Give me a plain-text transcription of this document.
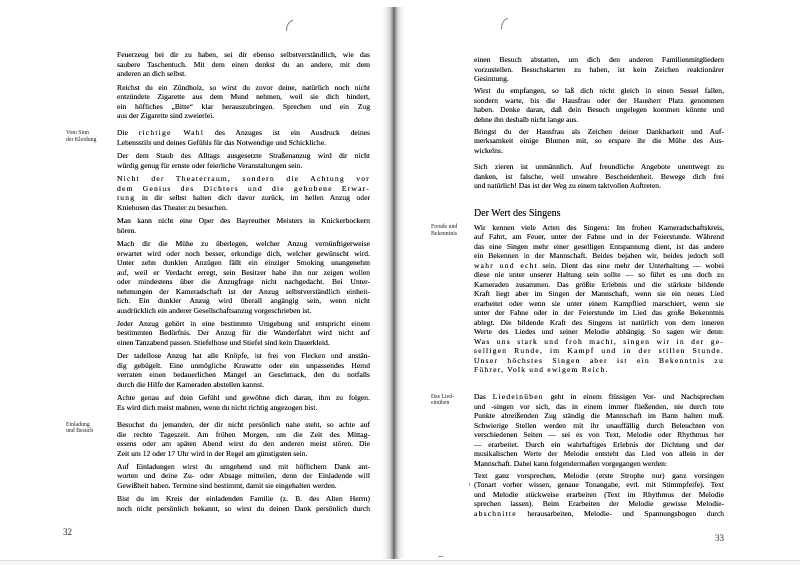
Vom Sinn
der Kleidung
Einladung
und Besuch
Feuerzeug bei dir zu haben, sei dir ebenso selbstverständlich, wie das
saubere Taschentuch. Mit dem einen denkst du an andere, mit dem
anderen an dich selbst.
Reichst du ein Zündholz, so wirst du zuvor deine, natürlich noch nicht
entzündete Zigarette aus dem Mund nehmen, weil sie dich hindert,
ein höfliches „Bitte“ klar herauszubringen. Sprechen und ein Zug
aus der Zigarette sind zweierlei.
Die richtige Wahl des Anzuges ist ein Ausdruck deines
Lebensstils und deines Gefühls für das Notwendige und Schickliche.
Der dem Staub des Alltags ausgesetzte Straßenanzug wird dir nicht
würdig genug für ernste oder feierliche Veranstaltungen sein.
Nicht der Theaterraum, sondern die Achtung vor
dem Genius des Dichters und die gehobene Erwar-
tung in dir selbst halten dich davor zurück, im hellen Anzug oder
Kniehosen das Theater zu besuchen.
Man kann nicht eine Oper des Bayreuther Meisters in Knickerbockern
hören.
Mach dir die Mühe zu überlegen, welcher Anzug vernünftigerweise
erwartet wird oder noch besser, erkundige dich, welcher gewünscht wird.
Unter zehn dunklen Anzügen fällt ein einziger Smoking unangenehm
auf, weil er Verdacht erregt, sein Besitzer habe ihn nur zeigen wollen
oder mindestens über die Anzugfrage nicht nachgedacht. Bei Unter-
nehmungen der Kameradschaft ist der Anzug selbstverständlich einheit-
lich. Ein dunkler Anzug wird überall angängig sein, wenn nicht
ausdrücklich ein anderer Gesellschaftsanzug vorgeschrieben ist.
Jeder Anzug gehört in eine bestimmte Umgebung und entspricht einem
bestimmten Bedürfnis. Der Anzug für die Wanderfahrt wird nicht auf
einen Tanzabend passen. Stiefelhose und Stiefel sind kein Dauerkleid.
Der tadellose Anzug hat alle Knöpfe, ist frei von Flecken und anstän-
dig gebügelt. Eine unmögliche Krawatte oder ein unpassendes Hemd
verraten einen bedauerlichen Mangel an Geschmack, den du notfalls
durch die Hilfe der Kameraden abstellen kannst.
Achte genau auf dein Gefühl und gewöhne dich daran, ihm zu folgen.
Es wird dich meist mahnen, wenn du nicht richtig angezogen bist.
Besuchst du jemanden, der dir nicht persönlich nahe steht, so achte auf
die rechte Tageszeit. Am frühen Morgen, um die Zeit des Mittag-
essens oder am späten Abend wirst du den anderen meist stören. Die
Zeit um 12 oder 17 Uhr wird in der Regel am günstigsten sein.
Auf Einladungen wirst du umgehend und mit höflichem Dank ant-
worten und deine Zu- oder Absage mitteilen, denn der Einladende will
Gewißheit haben. Termine sind bestimmt, damit sie eingehalten werden.
Bist du im Kreis der einladenden Familie (z. B. des Alten Herrn)
noch nicht persönlich bekannt, so wirst du deinen Dank persönlich durch
32
Freude und
Bekenntnis
Das Lied-
einüben
einen Besuch abstatten, um dich den anderen Familienmitgliedern
vorzustellen. Besuchskarten zu haben, ist kein Zeichen reaktionärer
Gesinnung.
Wirst du empfangen, so laß dich nicht gleich in einen Sessel fallen,
sondern warte, bis die Hausfrau oder der Hausherr Platz genommen
haben. Denke daran, daß dein Besuch ungelegen kommen könnte und
dehne ihn deshalb nicht lange aus.
Bringst du der Hausfrau als Zeichen deiner Dankbarkeit und Auf-
merksamkeit einige Blumen mit, so erspare ihr die Mühe des Aus-
wickelns.
Sich zieren ist unmännlich. Auf freundliche Angebote unentwegt zu
danken, ist falsche, weil unwahre Bescheidenheit. Bewege dich frei
und natürlich! Das ist der Weg zu einem taktvollen Auftreten.
Der Wert des Singens
Wir kennen viele Arten des Singens: Im frohen Kameradschaftskreis,
auf Fahrt, am Feuer, unter der Fahne und in der Feierstunde. Während
das eine Singen mehr einer geselligen Entspannung dient, ist das andere
ein Bekennen in der Mannschaft. Beides bejahen wir, beides jedoch soll
wahr und echt sein. Dient das eine mehr der Unterhaltung — wobei
diese nie unter unserer Haltung sein sollte — so führt es uns doch zu
Kameraden zusammen. Das größte Erlebnis und die stärkste bildende
Kraft liegt aber im Singen der Mannschaft, wenn sie ein neues Lied
erarbeitet oder wenn sie unter einem Kampflied marschiert, wenn sie
unter der Fahne oder in der Feierstunde im Lied das große Bekenntnis
ablegt. Die bildende Kraft des Singens ist natürlich von dem inneren
Werte des Liedes und seiner Melodie abhängig. So sagen wir denn:
Was uns stark und froh macht, singen wir in der ge-
selligen Runde, im Kampf und in der stillen Stunde.
Unser höchstes Singen aber ist ein Bekenntnis zu
Führer, Volk und ewigem Reich.
Das Liedeinüben geht in einem flüssigen Vor- und Nachsprechen
und -singen vor sich, das in einem immer fließenden, nie durch tote
Punkte abreißenden Zug ständig die Mannschaft im Bann halten muß.
Schwierige Stellen werden mit ihr unauffällig durch Beleuchten von
verschiedenen Seiten — sei es von Text, Melodie oder Rhythmus her
— erarbeitet. Durch ein wahrhaftiges Erlebnis der Dichtung und der
musikalischen Werte der Melodie entsteht das Lied von allein in der
Mannschaft. Dabei kann folgendermaßen vorgegangen werden:
Text ganz vorsprechen, Melodie (erste Strophe nur) ganz vorsingen
(Tonart vorher wissen, genaue Tonangabe, evtl. mit Stimmpfeife). Text
und Melodie stückweise erarbeiten (Text im Rhythmus der Melodie
sprechen lassen). Beim Erarbeiten der Melodie gewisse Melodie-
abschnitte herausarbeiten, Melodie- und Spannungsbogen durch
33
